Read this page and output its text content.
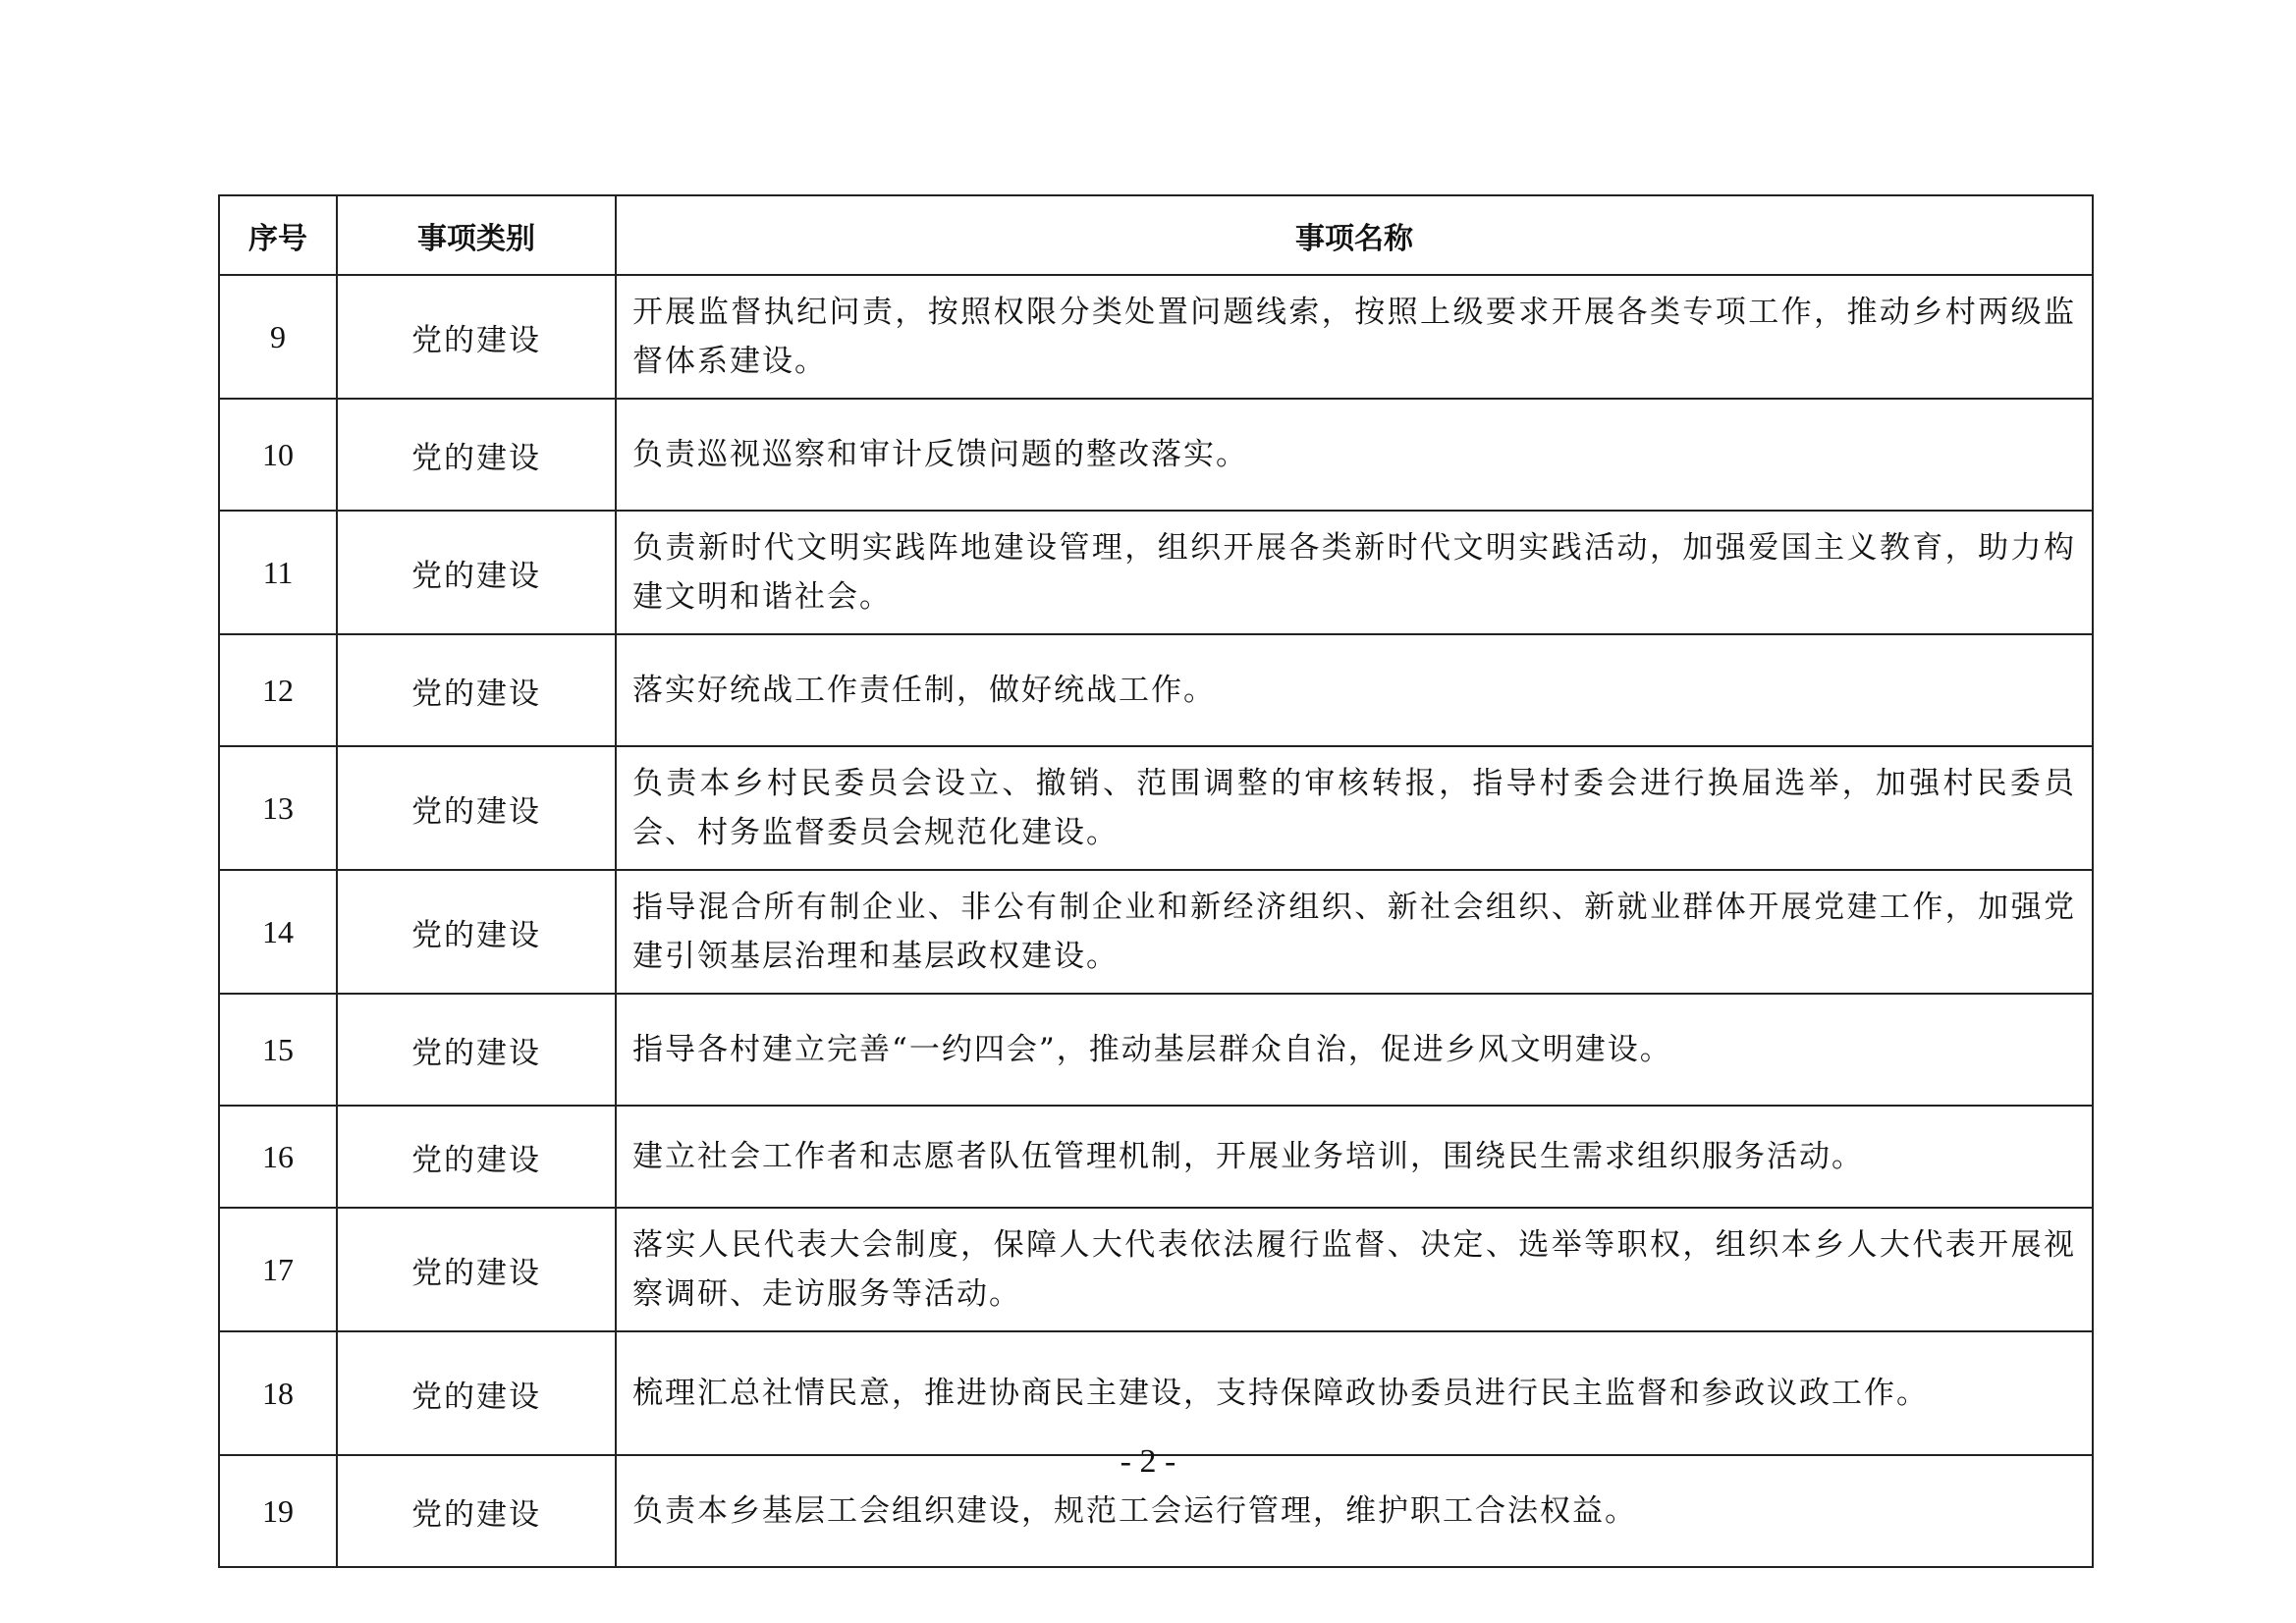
序号	事项类别	事项名称
9	党的建设	开展监督执纪问责，按照权限分类处置问题线索，按照上级要求开展各类专项工作，推动乡村两级监督体系建设。
10	党的建设	负责巡视巡察和审计反馈问题的整改落实。
11	党的建设	负责新时代文明实践阵地建设管理，组织开展各类新时代文明实践活动，加强爱国主义教育，助力构建文明和谐社会。
12	党的建设	落实好统战工作责任制，做好统战工作。
13	党的建设	负责本乡村民委员会设立、撤销、范围调整的审核转报，指导村委会进行换届选举，加强村民委员会、村务监督委员会规范化建设。
14	党的建设	指导混合所有制企业、非公有制企业和新经济组织、新社会组织、新就业群体开展党建工作，加强党建引领基层治理和基层政权建设。
15	党的建设	指导各村建立完善“一约四会”，推动基层群众自治，促进乡风文明建设。
16	党的建设	建立社会工作者和志愿者队伍管理机制，开展业务培训，围绕民生需求组织服务活动。
17	党的建设	落实人民代表大会制度，保障人大代表依法履行监督、决定、选举等职权，组织本乡人大代表开展视察调研、走访服务等活动。
18	党的建设	梳理汇总社情民意，推进协商民主建设，支持保障政协委员进行民主监督和参政议政工作。
19	党的建设	负责本乡基层工会组织建设，规范工会运行管理，维护职工合法权益。
- 2 -
